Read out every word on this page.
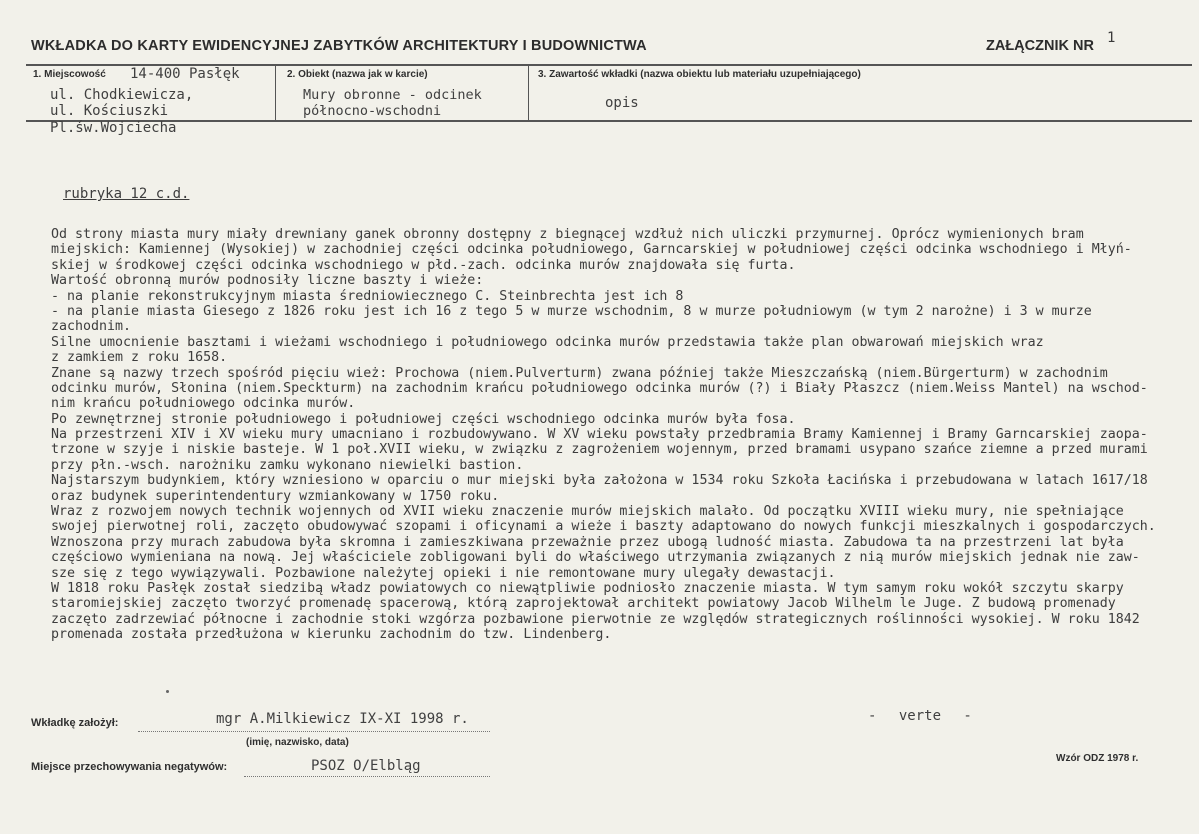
WKŁADKA DO KARTY EWIDENCYJNEJ ZABYTKÓW ARCHITEKTURY I BUDOWNICTWA	ZAŁĄCZNIK NR 1
1. Miejscowość 14-400 Pasłęk
ul. Chodkiewicza,
ul. Kościuszki
Pl.św.Wojciecha
2. Obiekt (nazwa jak w karcie)
Mury obronne - odcinek
północno-wschodni
3. Zawartość wkładki (nazwa obiektu lub materiału uzupełniającego)
opis
rubryka 12 c.d.
Od strony miasta mury miały drewniany ganek obronny dostępny z biegnącej wzdłuż nich uliczki przymurnej. Oprócz wymienionych bram
miejskich: Kamiennej (Wysokiej) w zachodniej części odcinka południowego, Garncarskiej w południowej części odcinka wschodniego i Młyń-
skiej w środkowej części odcinka wschodniego w płd.-zach. odcinka murów znajdowała się furta.
Wartość obronną murów podnosiły liczne baszty i wieże:
- na planie rekonstrukcyjnym miasta średniowiecznego C. Steinbrechta jest ich 8
- na planie miasta Giesego z 1826 roku jest ich 16 z tego 5 w murze wschodnim, 8 w murze południowym (w tym 2 narożne) i 3 w murze
zachodnim.
Silne umocnienie basztami i wieżami wschodniego i południowego odcinka murów przedstawia także plan obwarowań miejskich wraz
z zamkiem z roku 1658.
Znane są nazwy trzech spośród pięciu wież: Prochowa (niem.Pulverturm) zwana później także Mieszczańską (niem.Bürgerturm) w zachodnim
odcinku murów, Słonina (niem.Speckturm) na zachodnim krańcu południowego odcinka murów (?) i Biały Płaszcz (niem.Weiss Mantel) na wschod-
nim krańcu południowego odcinka murów.
Po zewnętrznej stronie południowego i południowej części wschodniego odcinka murów była fosa.
Na przestrzeni XIV i XV wieku mury umacniano i rozbudowywano. W XV wieku powstały przedbramia Bramy Kamiennej i Bramy Garncarskiej zaopa-
trzone w szyje i niskie basteje. W 1 poł.XVII wieku, w związku z zagrożeniem wojennym, przed bramami usypano szańce ziemne a przed murami
przy płn.-wsch. narożniku zamku wykonano niewielki bastion.
Najstarszym budynkiem, który wzniesiono w oparciu o mur miejski była założona w 1534 roku Szkoła Łacińska i przebudowana w latach 1617/18
oraz budynek superintendentury wzmiankowany w 1750 roku.
Wraz z rozwojem nowych technik wojennych od XVII wieku znaczenie murów miejskich malało. Od początku XVIII wieku mury, nie spełniające
swojej pierwotnej roli, zaczęto obudowywać szopami i oficynami a wieże i baszty adaptowano do nowych funkcji mieszkalnych i gospodarczych.
Wznoszona przy murach zabudowa była skromna i zamieszkiwana przeważnie przez ubogą ludność miasta. Zabudowa ta na przestrzeni lat była
częściowo wymieniana na nową. Jej właściciele zobligowani byli do właściwego utrzymania związanych z nią murów miejskich jednak nie zaw-
sze się z tego wywiązywali. Pozbawione należytej opieki i nie remontowane mury ulegały dewastacji.
W 1818 roku Pasłęk został siedzibą władz powiatowych co niewątpliwie podniosło znaczenie miasta. W tym samym roku wokół szczytu skarpy
staromiejskiej zaczęto tworzyć promenadę spacerową, którą zaprojektował architekt powiatowy Jacob Wilhelm le Juge. Z budową promenady
zaczęto zadrzewiać północne i zachodnie stoki wzgórza pozbawione pierwotnie ze względów strategicznych roślinności wysokiej. W roku 1842
promenada została przedłużona w kierunku zachodnim do tzw. Lindenberg.
Wkładkę założył:	mgr A.Milkiewicz IX-XI 1998 r.
(imię, nazwisko, data)
- verte -
Miejsce przechowywania negatywów:	PSOZ O/Elbląg	Wzór ODZ 1978 r.
